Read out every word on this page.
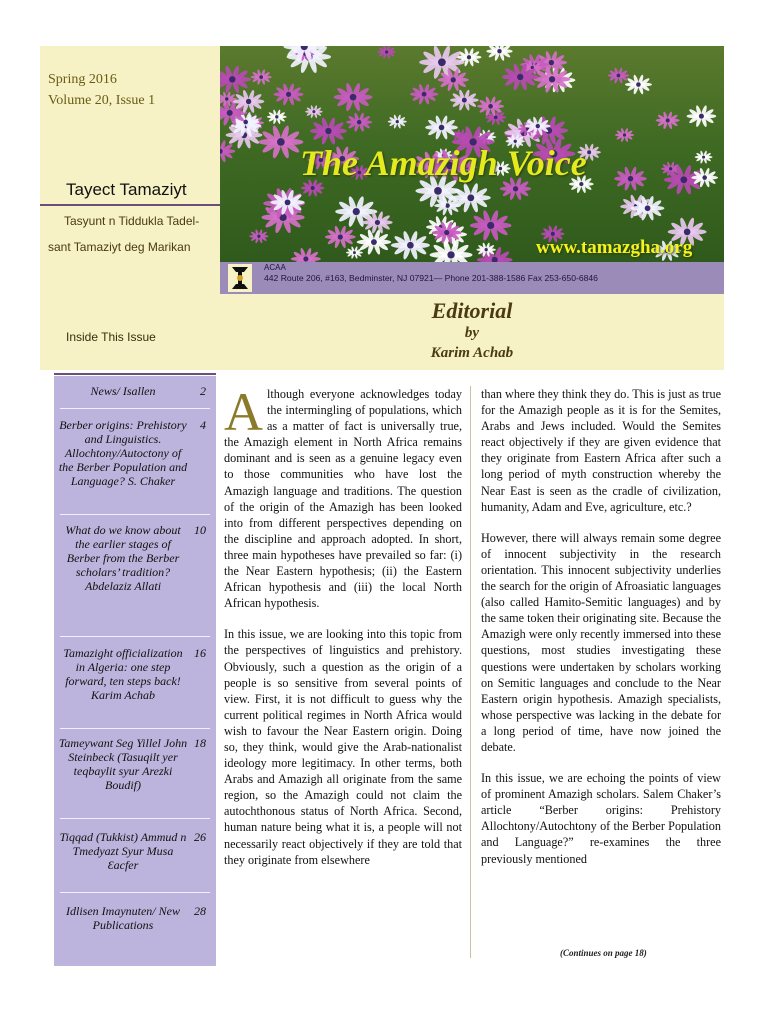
Spring 2016
Volume 20, Issue 1
Tayect Tamaziyt
Tasyunt n Tiddukla Tadel-
sant Tamaziyt deg Marikan
Inside This Issue
The Amazigh Voice
www.tamazgha.org
ACAA
442 Route 206, #163, Bedminster, NJ 07921— Phone 201-388-1586 Fax 253-650-6846
Editorial
by
Karim Achab
News/ Isallen	2
Berber origins: Prehistory and Linguistics. Allochtony/Autoctony of the Berber Population and Language? S. Chaker
4
What do we know about the earlier stages of Berber from the Berber scholars’ tradition? Abdelaziz Allati
10
Tamazight officialization in Algeria: one step forward, ten steps back! Karim Achab
16
Tameywant Seg Yillel John Steinbeck (Tasuqilt yer teqbaylit syur Arezki Boudif)
18
Tiqqad (Tukkist) Ammud n Tmedyazt Syur Musa Ɛacfer
26
Idlisen Imaynuten/ New Publications
28

Although everyone acknowledges today the intermingling of populations, which as a matter of fact is universally true, the Amazigh element in North Africa remains dominant and is seen as a genuine legacy even to those communities who have lost the Amazigh language and traditions. The question of the origin of the Amazigh has been looked into from different perspectives depending on the discipline and approach adopted. In short, three main hypotheses have prevailed so far: (i) the Near Eastern hypothesis; (ii) the Eastern African hypothesis and (iii) the local North African hypothesis.

In this issue, we are looking into this topic from the perspectives of linguistics and prehistory. Obviously, such a question as the origin of a people is so sensitive from several points of view. First, it is not difficult to guess why the current political regimes in North Africa would wish to favour the Near Eastern origin. Doing so, they think, would give the Arab-nationalist ideology more legitimacy. In other terms, both Arabs and Amazigh all originate from the same region, so the Amazigh could not claim the autochthonous status of North Africa. Second, human nature being what it is, a people will not necessarily react objectively if they are told that they originate from elsewhere

than where they think they do. This is just as true for the Amazigh people as it is for the Semites, Arabs and Jews included. Would the Semites react objectively if they are given evidence that they originate from Eastern Africa after such a long period of myth construction whereby the Near East is seen as the cradle of civilization, humanity, Adam and Eve, agriculture, etc.?

However, there will always remain some degree of innocent subjectivity in the research orientation. This innocent subjectivity underlies the search for the origin of Afroasiatic languages (also called Hamito-Semitic languages) and by the same token their originating site. Because the Amazigh were only recently immersed into these questions, most studies investigating these questions were undertaken by scholars working on Semitic languages and conclude to the Near Eastern origin hypothesis. Amazigh specialists, whose perspective was lacking in the debate for a long period of time, have now joined the debate.

In this issue, we are echoing the points of view of prominent Amazigh scholars. Salem Chaker’s article “Berber origins: Prehistory Allochtony/Autochtony of the Berber Population and Language?” re-examines the three previously mentioned

(Continues on page 18)
